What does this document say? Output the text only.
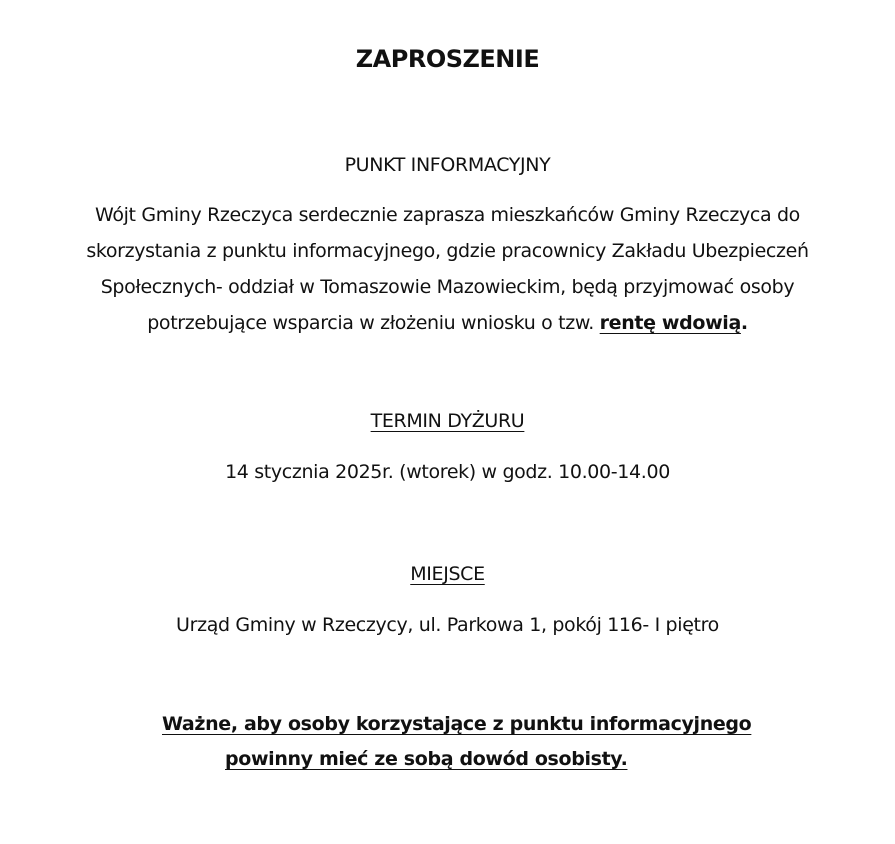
ZAPROSZENIE
PUNKT INFORMACYJNY
Wójt Gminy Rzeczyca serdecznie zaprasza mieszkańców Gminy Rzeczyca do
skorzystania z punktu informacyjnego, gdzie pracownicy Zakładu Ubezpieczeń
Społecznych- oddział w Tomaszowie Mazowieckim, będą przyjmować osoby
potrzebujące wsparcia w złożeniu wniosku o tzw. rentę wdowią.
TERMIN DYŻURU
14 stycznia 2025r. (wtorek) w godz. 10.00-14.00
MIEJSCE
Urząd Gminy w Rzeczycy, ul. Parkowa 1, pokój 116- I piętro
Ważne, aby osoby korzystające z punktu informacyjnego
powinny mieć ze sobą dowód osobisty.
